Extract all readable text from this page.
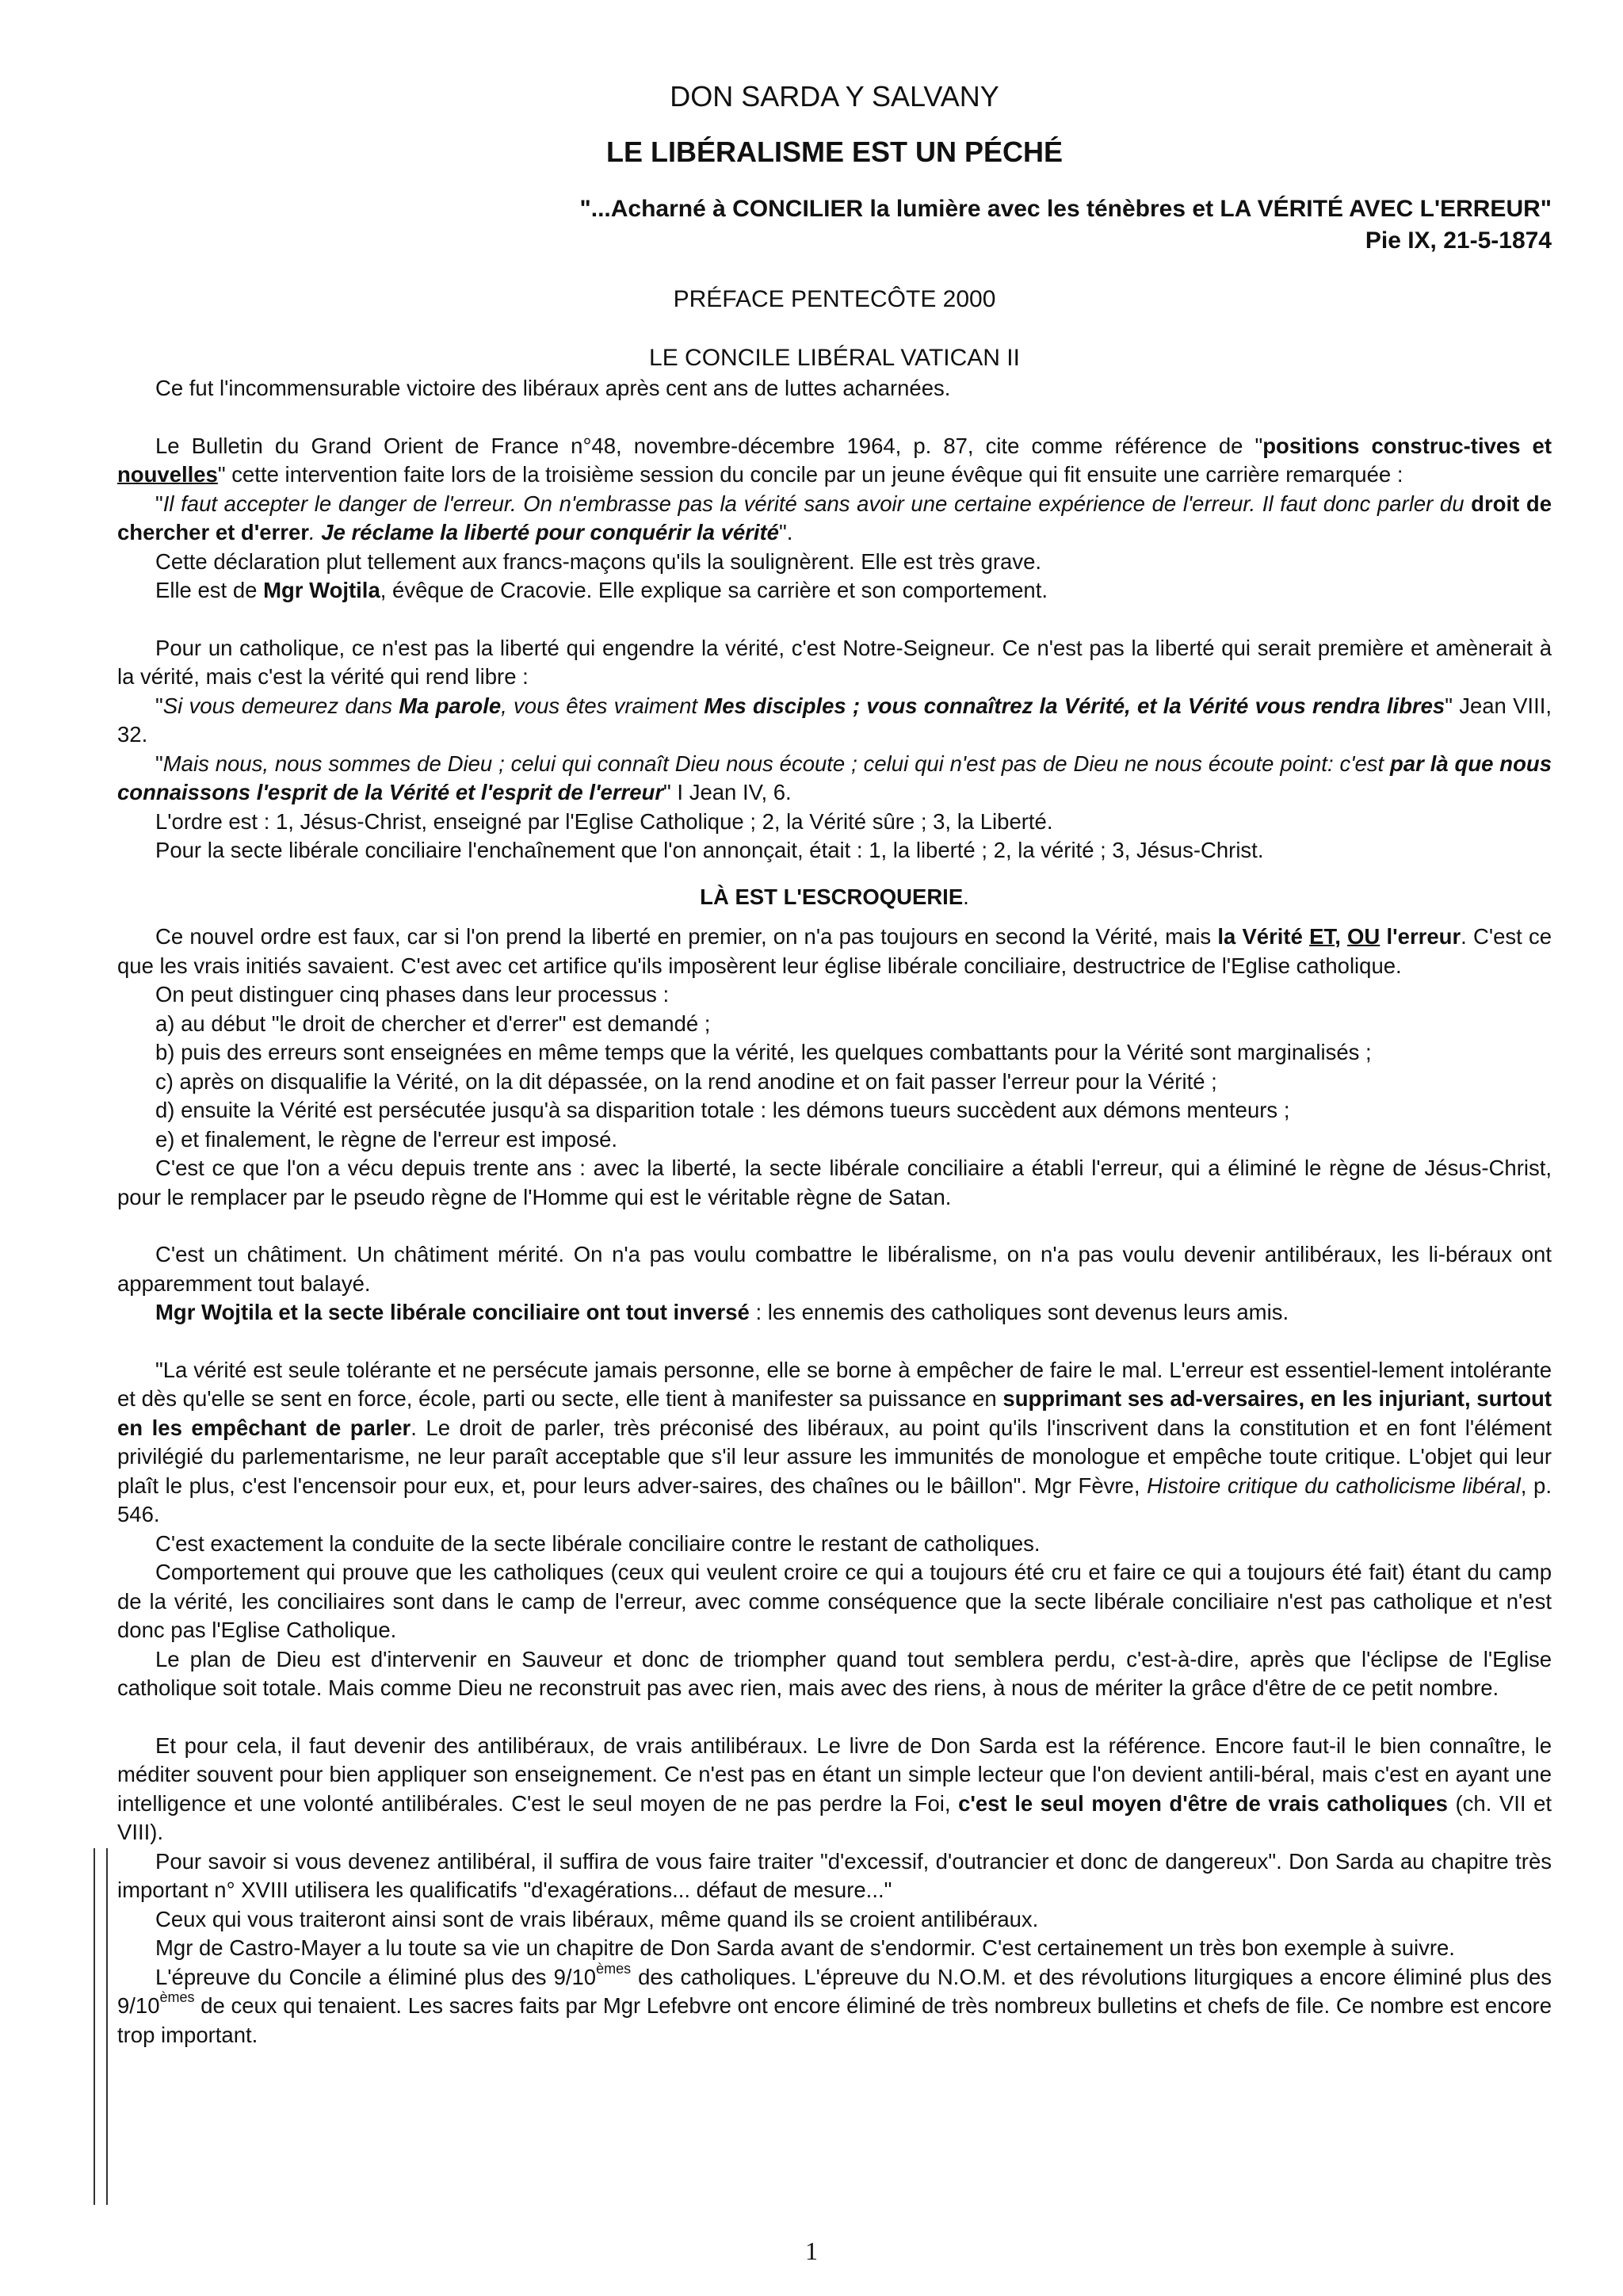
DON SARDA Y SALVANY
LE LIBÉRALISME EST UN PÉCHÉ
"...Acharné à CONCILIER la lumière avec les ténèbres et LA VÉRITÉ AVEC L'ERREUR"
Pie IX, 21-5-1874
PRÉFACE PENTECÔTE 2000
LE CONCILE LIBÉRAL VATICAN II

Ce fut l'incommensurable victoire des libéraux après cent ans de luttes acharnées.

Le Bulletin du Grand Orient de France n°48, novembre-décembre 1964, p. 87, cite comme référence de "positions construc-tives et nouvelles" cette intervention faite lors de la troisième session du concile par un jeune évêque qui fit ensuite une carrière remarquée :

"Il faut accepter le danger de l'erreur. On n'embrasse pas la vérité sans avoir une certaine expérience de l'erreur. Il faut donc parler du droit de chercher et d'errer. Je réclame la liberté pour conquérir la vérité".

Cette déclaration plut tellement aux francs-maçons qu'ils la soulignèrent. Elle est très grave.

Elle est de Mgr Wojtila, évêque de Cracovie. Elle explique sa carrière et son comportement.

Pour un catholique, ce n'est pas la liberté qui engendre la vérité, c'est Notre-Seigneur. Ce n'est pas la liberté qui serait première et amènerait à la vérité, mais c'est la vérité qui rend libre :

"Si vous demeurez dans Ma parole, vous êtes vraiment Mes disciples ; vous connaîtrez la Vérité, et la Vérité vous rendra libres" Jean VIII, 32.

"Mais nous, nous sommes de Dieu ; celui qui connaît Dieu nous écoute ; celui qui n'est pas de Dieu ne nous écoute point: c'est par là que nous connaissons l'esprit de la Vérité et l'esprit de l'erreur" I Jean IV, 6.

L'ordre est : 1, Jésus-Christ, enseigné par l'Eglise Catholique ; 2, la Vérité sûre ; 3, la Liberté.

Pour la secte libérale conciliaire l'enchaînement que l'on annonçait, était : 1, la liberté ; 2, la vérité ; 3, Jésus-Christ.

LÀ EST L'ESCROQUERIE.

Ce nouvel ordre est faux, car si l'on prend la liberté en premier, on n'a pas toujours en second la Vérité, mais la Vérité ET, OU l'erreur. C'est ce que les vrais initiés savaient. C'est avec cet artifice qu'ils imposèrent leur église libérale conciliaire, destructrice de l'Eglise catholique.

On peut distinguer cinq phases dans leur processus :

a) au début "le droit de chercher et d'errer" est demandé ;
b) puis des erreurs sont enseignées en même temps que la vérité, les quelques combattants pour la Vérité sont marginalisés ;
c) après on disqualifie la Vérité, on la dit dépassée, on la rend anodine et on fait passer l'erreur pour la Vérité ;
d) ensuite la Vérité est persécutée jusqu'à sa disparition totale : les démons tueurs succèdent aux démons menteurs ;
e) et finalement, le règne de l'erreur est imposé.

C'est ce que l'on a vécu depuis trente ans : avec la liberté, la secte libérale conciliaire a établi l'erreur, qui a éliminé le règne de Jésus-Christ, pour le remplacer par le pseudo règne de l'Homme qui est le véritable règne de Satan.

C'est un châtiment. Un châtiment mérité. On n'a pas voulu combattre le libéralisme, on n'a pas voulu devenir antilibéraux, les li-béraux ont apparemment tout balayé.

Mgr Wojtila et la secte libérale conciliaire ont tout inversé : les ennemis des catholiques sont devenus leurs amis.

"La vérité est seule tolérante et ne persécute jamais personne, elle se borne à empêcher de faire le mal. L'erreur est essentiel-lement intolérante et dès qu'elle se sent en force, école, parti ou secte, elle tient à manifester sa puissance en supprimant ses ad-versaires, en les injuriant, surtout en les empêchant de parler. Le droit de parler, très préconisé des libéraux, au point qu'ils l'inscrivent dans la constitution et en font l'élément privilégié du parlementarisme, ne leur paraît acceptable que s'il leur assure les immunités de monologue et empêche toute critique. L'objet qui leur plaît le plus, c'est l'encensoir pour eux, et, pour leurs adver-saires, des chaînes ou le bâillon". Mgr Fèvre, Histoire critique du catholicisme libéral, p. 546.

C'est exactement la conduite de la secte libérale conciliaire contre le restant de catholiques.

Comportement qui prouve que les catholiques (ceux qui veulent croire ce qui a toujours été cru et faire ce qui a toujours été fait) étant du camp de la vérité, les conciliaires sont dans le camp de l'erreur, avec comme conséquence que la secte libérale conciliaire n'est pas catholique et n'est donc pas l'Eglise Catholique.

Le plan de Dieu est d'intervenir en Sauveur et donc de triompher quand tout semblera perdu, c'est-à-dire, après que l'éclipse de l'Eglise catholique soit totale. Mais comme Dieu ne reconstruit pas avec rien, mais avec des riens, à nous de mériter la grâce d'être de ce petit nombre.

Et pour cela, il faut devenir des antilibéraux, de vrais antilibéraux. Le livre de Don Sarda est la référence. Encore faut-il le bien connaître, le méditer souvent pour bien appliquer son enseignement. Ce n'est pas en étant un simple lecteur que l'on devient antili-béral, mais c'est en ayant une intelligence et une volonté antilibérales. C'est le seul moyen de ne pas perdre la Foi, c'est le seul moyen d'être de vrais catholiques (ch. VII et VIII).

Pour savoir si vous devenez antilibéral, il suffira de vous faire traiter "d'excessif, d'outrancier et donc de dangereux". Don Sarda au chapitre très important n° XVIII utilisera les qualificatifs "d'exagérations... défaut de mesure..."

Ceux qui vous traiteront ainsi sont de vrais libéraux, même quand ils se croient antilibéraux.

Mgr de Castro-Mayer a lu toute sa vie un chapitre de Don Sarda avant de s'endormir. C'est certainement un très bon exemple à suivre.

L'épreuve du Concile a éliminé plus des 9/10èmes des catholiques. L'épreuve du N.O.M. et des révolutions liturgiques a encore éliminé plus des 9/10èmes de ceux qui tenaient. Les sacres faits par Mgr Lefebvre ont encore éliminé de très nombreux bulletins et chefs de file. Ce nombre est encore trop important.

1
